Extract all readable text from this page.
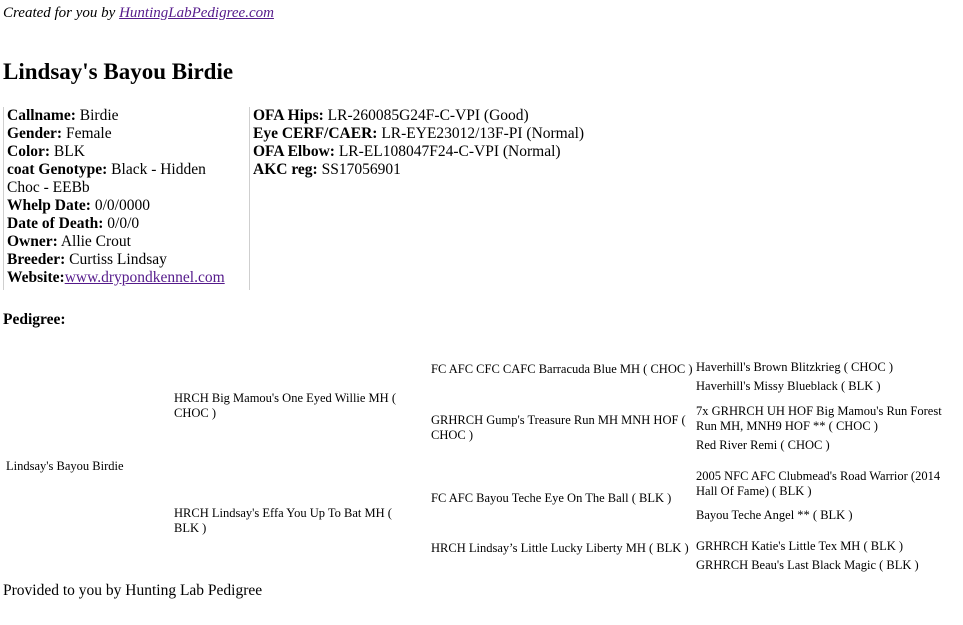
Created for you by HuntingLabPedigree.com
Lindsay's Bayou Birdie
Callname: Birdie
Gender: Female
Color: BLK
coat Genotype: Black - Hidden Choc - EEBb
Whelp Date: 0/0/0000
Date of Death: 0/0/0
Owner: Allie Crout
Breeder: Curtiss Lindsay
Website:www.drypondkennel.com
OFA Hips: LR-260085G24F-C-VPI (Good)
Eye CERF/CAER: LR-EYE23012/13F-PI (Normal)
OFA Elbow: LR-EL108047F24-C-VPI (Normal)
AKC reg: SS17056901
Pedigree:
Lindsay's Bayou Birdie
HRCH Big Mamou's One Eyed Willie MH ( CHOC )
HRCH Lindsay's Effa You Up To Bat MH ( BLK )
FC AFC CFC CAFC Barracuda Blue MH ( CHOC )
GRHRCH Gump's Treasure Run MH MNH HOF ( CHOC )
FC AFC Bayou Teche Eye On The Ball ( BLK )
HRCH Lindsay’s Little Lucky Liberty MH ( BLK )
Haverhill's Brown Blitzkrieg ( CHOC )
Haverhill's Missy Blueblack ( BLK )
7x GRHRCH UH HOF Big Mamou's Run Forest Run MH, MNH9 HOF ** ( CHOC )
Red River Remi ( CHOC )
2005 NFC AFC Clubmead's Road Warrior (2014 Hall Of Fame) ( BLK )
Bayou Teche Angel ** ( BLK )
GRHRCH Katie's Little Tex MH ( BLK )
GRHRCH Beau's Last Black Magic ( BLK )
Provided to you by Hunting Lab Pedigree
